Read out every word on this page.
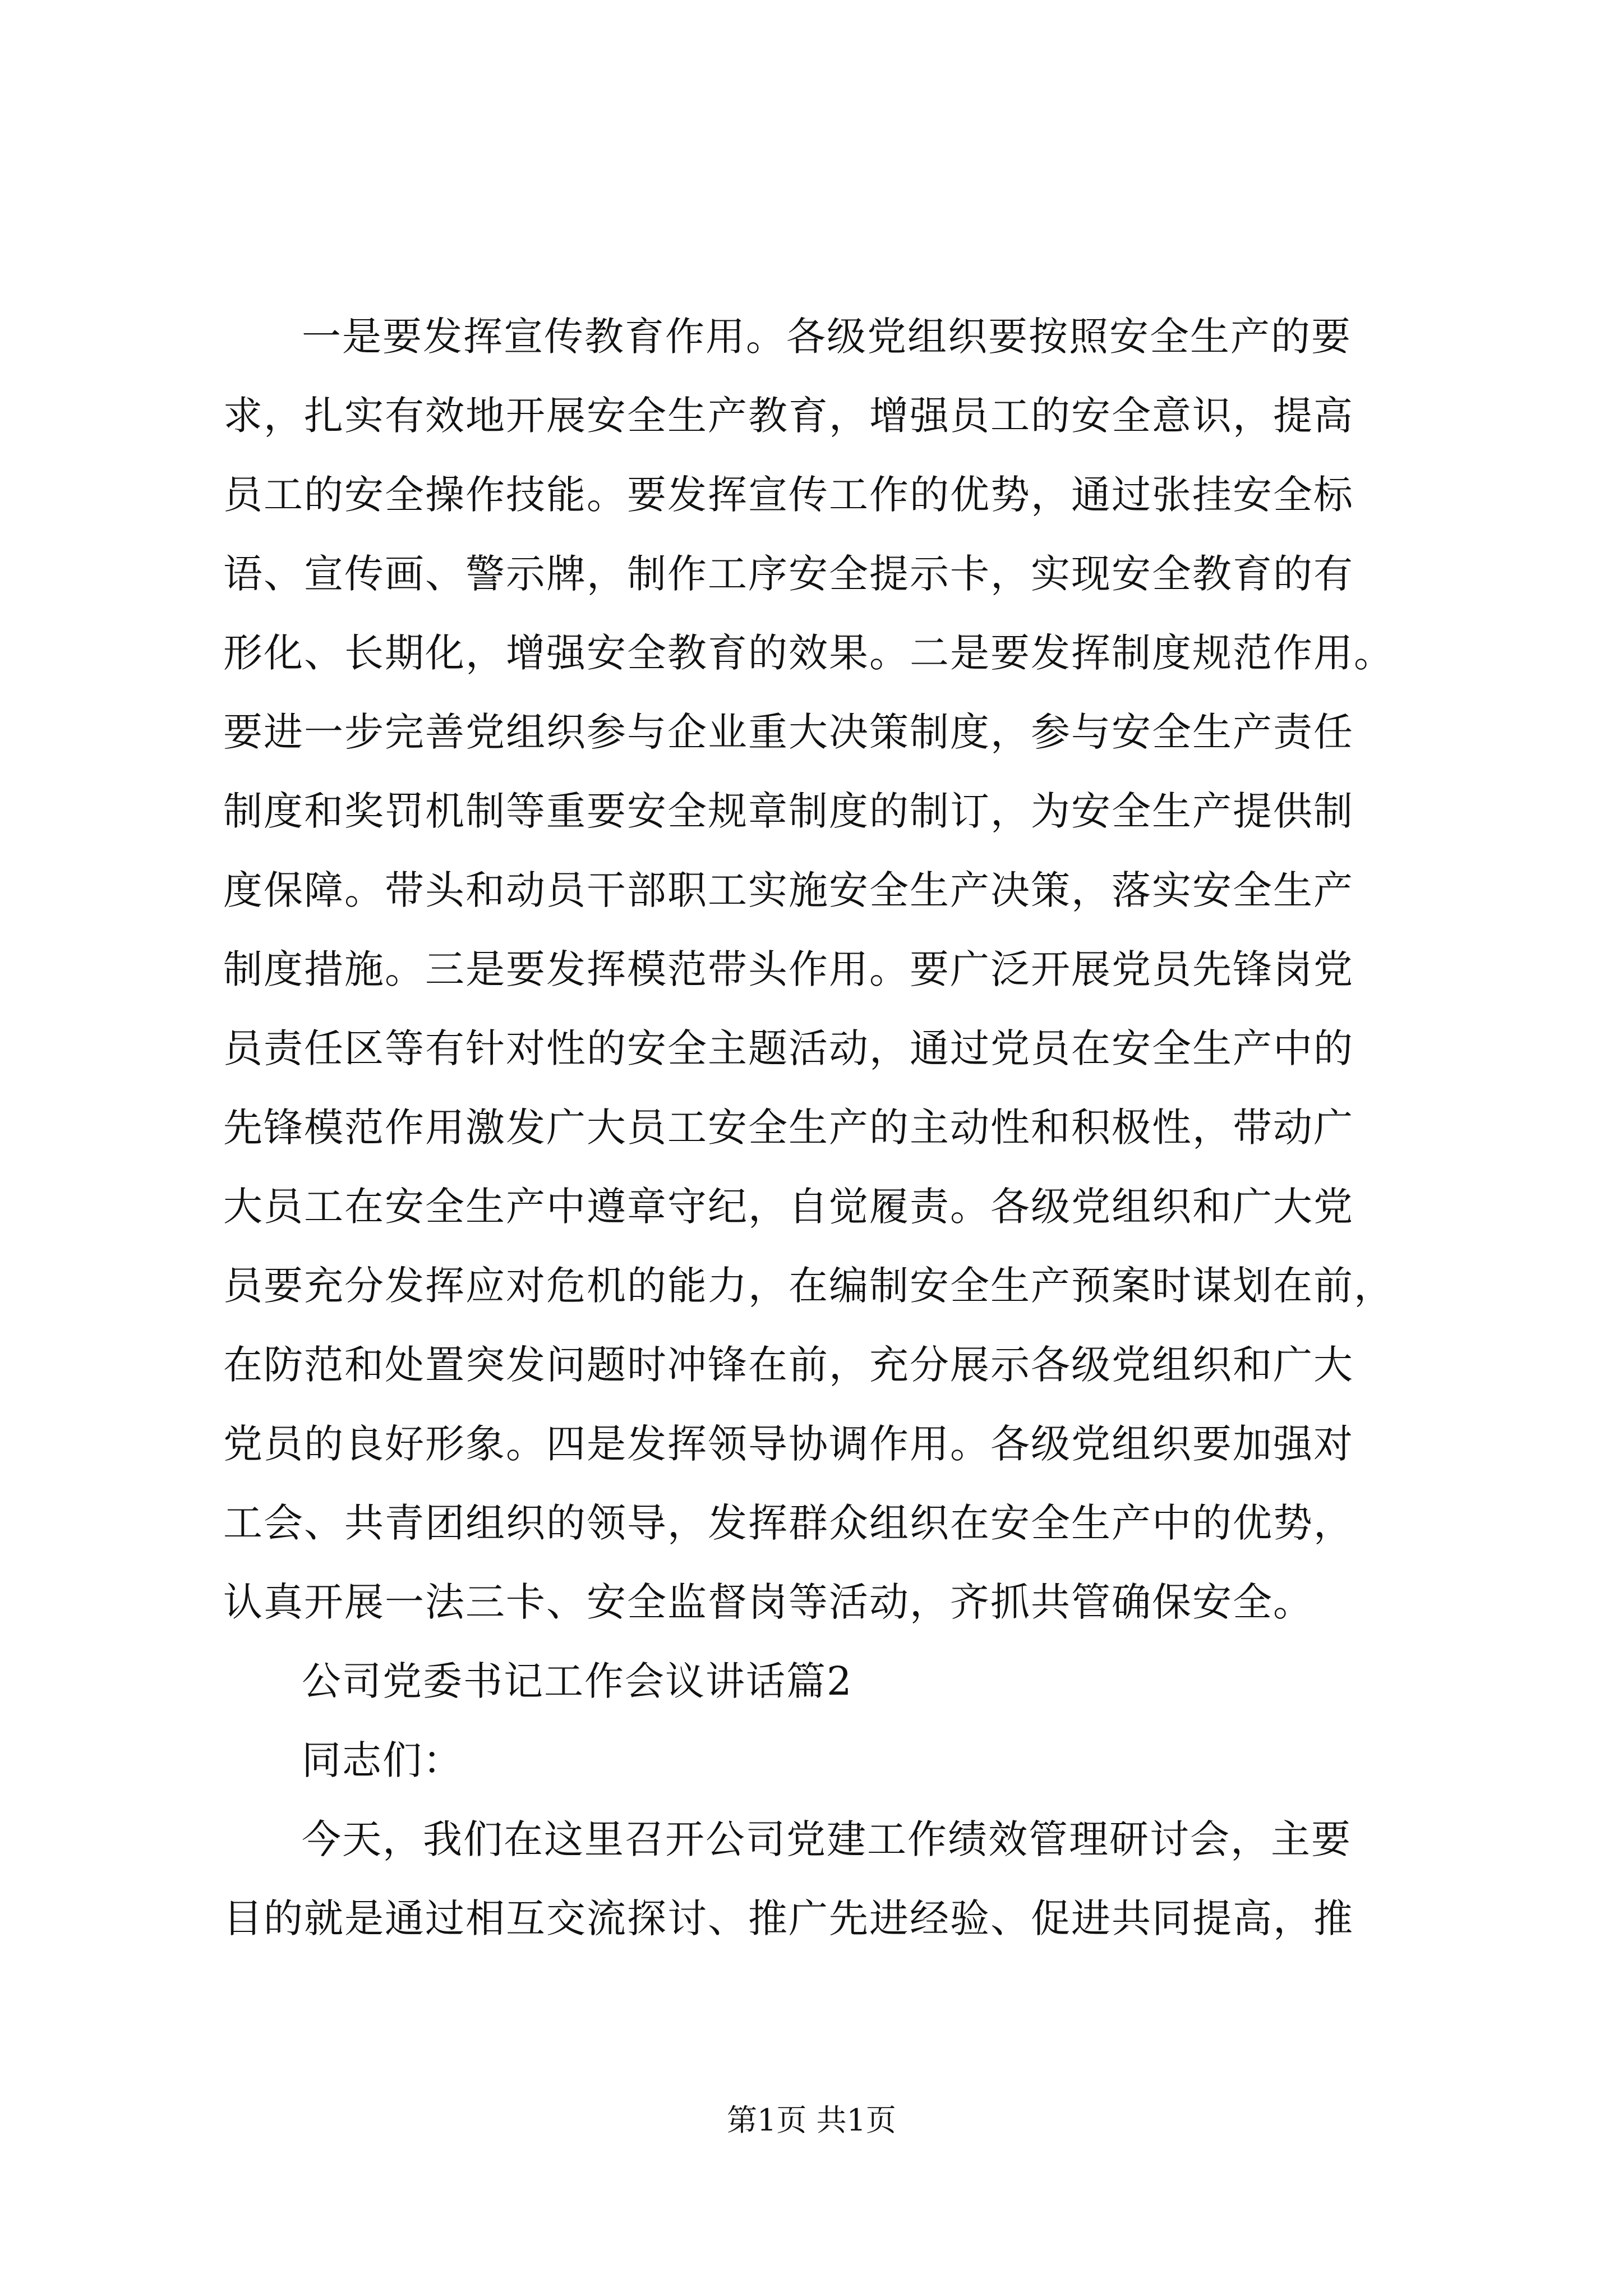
一是要发挥宣传教育作用。各级党组织要按照安全生产的要
求，扎实有效地开展安全生产教育，增强员工的安全意识，提高
员工的安全操作技能。要发挥宣传工作的优势，通过张挂安全标
语、宣传画、警示牌，制作工序安全提示卡，实现安全教育的有
形化、长期化，增强安全教育的效果。二是要发挥制度规范作用。
要进一步完善党组织参与企业重大决策制度，参与安全生产责任
制度和奖罚机制等重要安全规章制度的制订，为安全生产提供制
度保障。带头和动员干部职工实施安全生产决策，落实安全生产
制度措施。三是要发挥模范带头作用。要广泛开展党员先锋岗党
员责任区等有针对性的安全主题活动，通过党员在安全生产中的
先锋模范作用激发广大员工安全生产的主动性和积极性，带动广
大员工在安全生产中遵章守纪，自觉履责。各级党组织和广大党
员要充分发挥应对危机的能力，在编制安全生产预案时谋划在前，
在防范和处置突发问题时冲锋在前，充分展示各级党组织和广大
党员的良好形象。四是发挥领导协调作用。各级党组织要加强对
工会、共青团组织的领导，发挥群众组织在安全生产中的优势，
认真开展一法三卡、安全监督岗等活动，齐抓共管确保安全。
公司党委书记工作会议讲话篇2
同志们：
今天，我们在这里召开公司党建工作绩效管理研讨会，主要
目的就是通过相互交流探讨、推广先进经验、促进共同提高，推
第1页 共1页
